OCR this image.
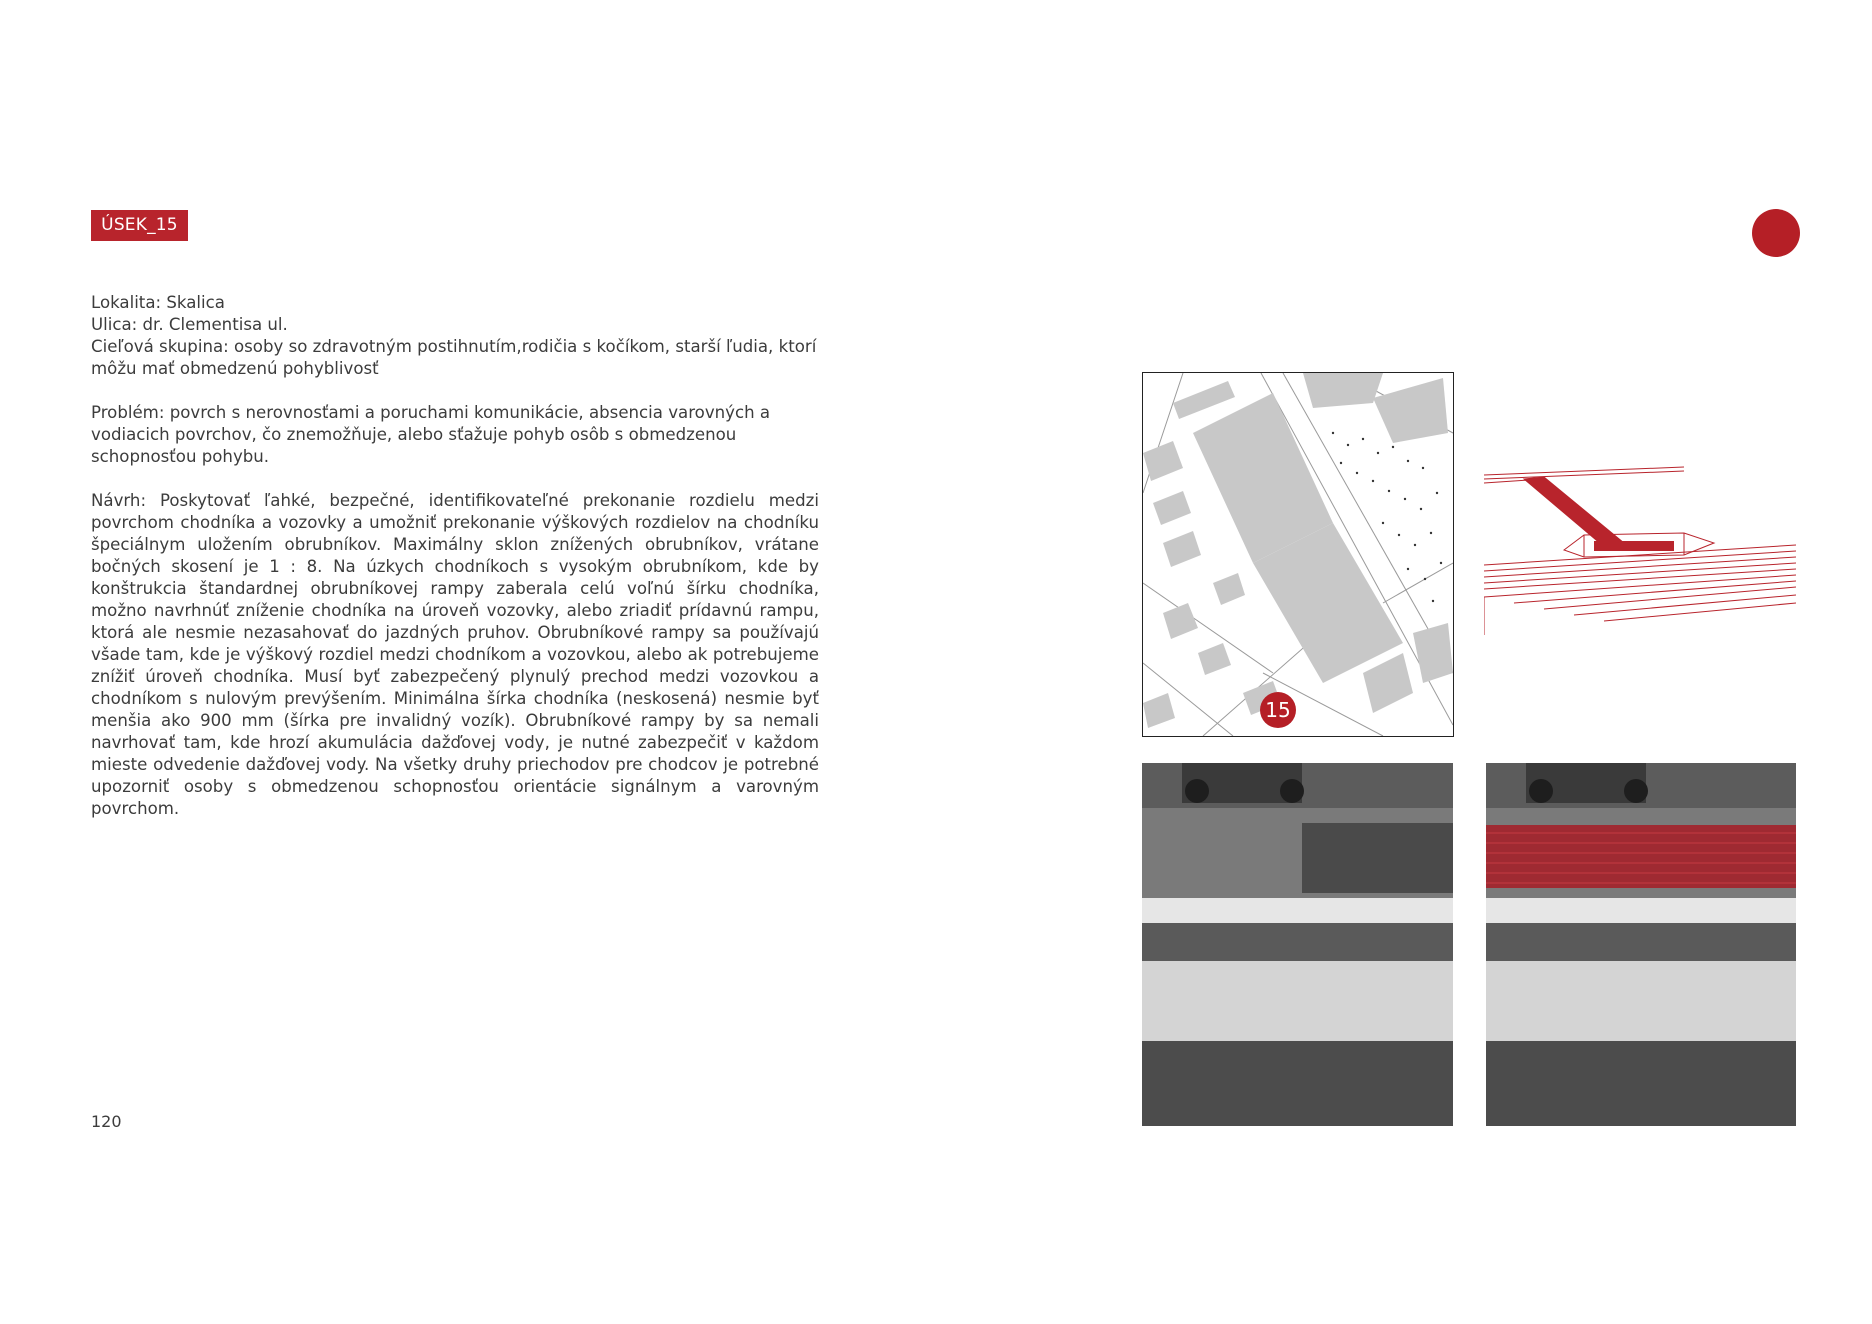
ÚSEK_15

Lokalita: Skalica

Ulica: dr. Clementisa ul.

Cieľová skupina: osoby so zdravotným postihnutím,rodičia s kočíkom, starší ľudia, ktorí môžu mať obmedzenú pohyblivosť

Problém: povrch s nerovnosťami a poruchami komunikácie, absencia varovných a vodiacich povrchov, čo znemožňuje, alebo sťažuje pohyb osôb s obmedzenou schopnosťou pohybu.

Návrh: Poskytovať ľahké, bezpečné, identifikovateľné prekonanie rozdielu medzi povrchom chodníka a vozovky a umožniť prekonanie výškových rozdielov na chodníku špeciálnym uložením obrubníkov. Maximálny sklon znížených obrubníkov, vrátane bočných skosení je 1 : 8. Na úzkych chodníkoch s vysokým obrubníkom, kde by konštrukcia štandardnej obrubníkovej rampy zaberala celú voľnú šírku chodníka, možno navrhnúť zníženie chodníka na úroveň vozovky, alebo zriadiť prídavnú rampu, ktorá ale nesmie nezasahovať do jazdných pruhov. Obrubníkové rampy sa používajú všade tam, kde je výškový rozdiel medzi chodníkom a vozovkou, alebo ak potrebujeme znížiť úroveň chodníka. Musí byť zabezpečený plynulý prechod medzi vozovkou a chodníkom s nulovým prevýšením. Minimálna šírka chodníka (neskosená) nesmie byť menšia ako 900 mm (šírka pre invalidný vozík). Obrubníkové rampy by sa nemali navrhovať tam, kde hrozí akumulácia dažďovej vody, je nutné zabezpečiť v každom mieste odvedenie dažďovej vody. Na všetky druhy priechodov pre chodcov je potrebné upozorniť osoby s obmedzenou schopnosťou orientácie signálnym a varovným povrchom.

120
15
